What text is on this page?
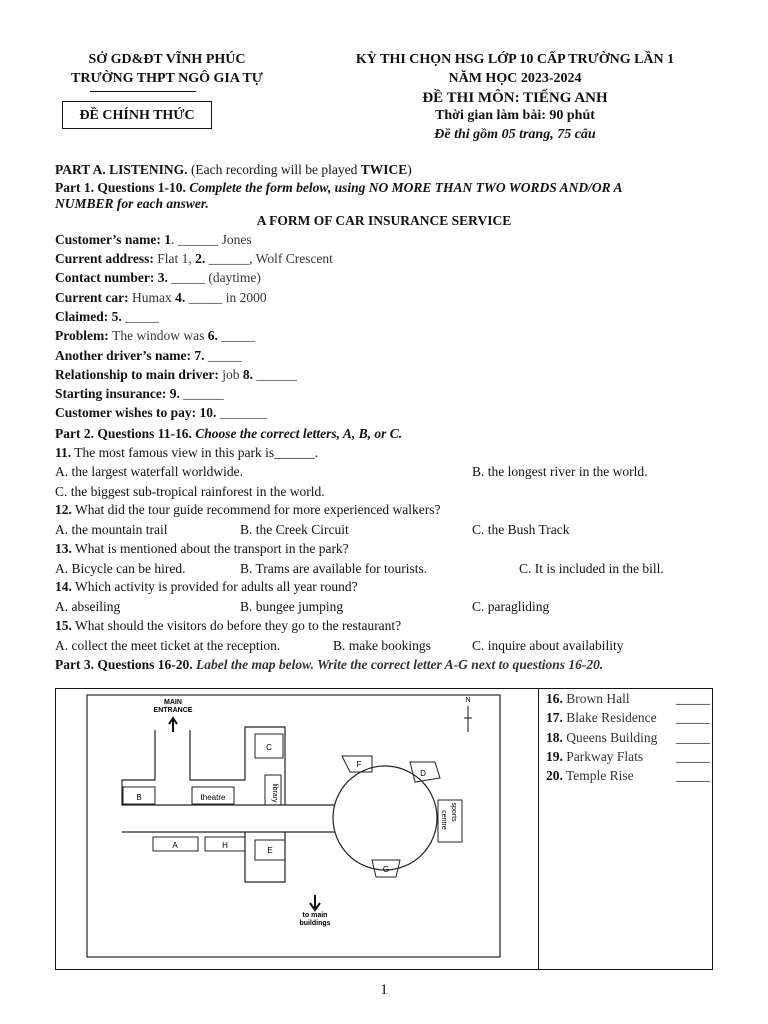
SỞ GD&ĐT VĨNH PHÚC
TRƯỜNG THPT NGÔ GIA TỰ
ĐỀ CHÍNH THỨC
KỲ THI CHỌN HSG LỚP 10 CẤP TRƯỜNG LẦN 1
NĂM HỌC 2023-2024
ĐỀ THI MÔN: TIẾNG ANH
Thời gian làm bài: 90 phút
Đề thi gồm 05 trang, 75 câu
PART A. LISTENING. (Each recording will be played TWICE)
Part 1. Questions 1-10. Complete the form below, using NO MORE THAN TWO WORDS AND/OR A
NUMBER for each answer.
A FORM OF CAR INSURANCE SERVICE
Customer’s name: 1. ______ Jones
Current address: Flat 1, 2. ______, Wolf Crescent
Contact number: 3. _____ (daytime)
Current car: Humax 4. _____ in 2000
Claimed: 5. _____
Problem: The window was 6. _____
Another driver’s name: 7. _____
Relationship to main driver: job 8. ______
Starting insurance: 9. ______
Customer wishes to pay: 10. _______
Part 2. Questions 11-16. Choose the correct letters, A, B, or C.
11. The most famous view in this park is______.
A. the largest waterfall worldwide.	B. the longest river in the world.
C. the biggest sub-tropical rainforest in the world.
12. What did the tour guide recommend for more experienced walkers?
A. the mountain trail	B. the Creek Circuit	C. the Bush Track
13. What is mentioned about the transport in the park?
A. Bicycle can be hired.	B. Trams are available for tourists.	C. It is included in the bill.
14. Which activity is provided for adults all year round?
A. abseiling	B. bungee jumping	C. paragliding
15. What should the visitors do before they go to the restaurant?
A. collect the meet ticket at the reception.	B. make bookings	C. inquire about availability
Part 3. Questions 16-20. Label the map below. Write the correct letter A-G next to questions 16-20.
16. Brown Hall	_____
17. Blake Residence _____
18. Queens Building _____
19. Parkway Flats _____
20. Temple Rise	_____
B	theatre	library
C
A	H
E
F
D
G
sports
centre
MAIN
ENTRANCE
N
to main
buildings
1
